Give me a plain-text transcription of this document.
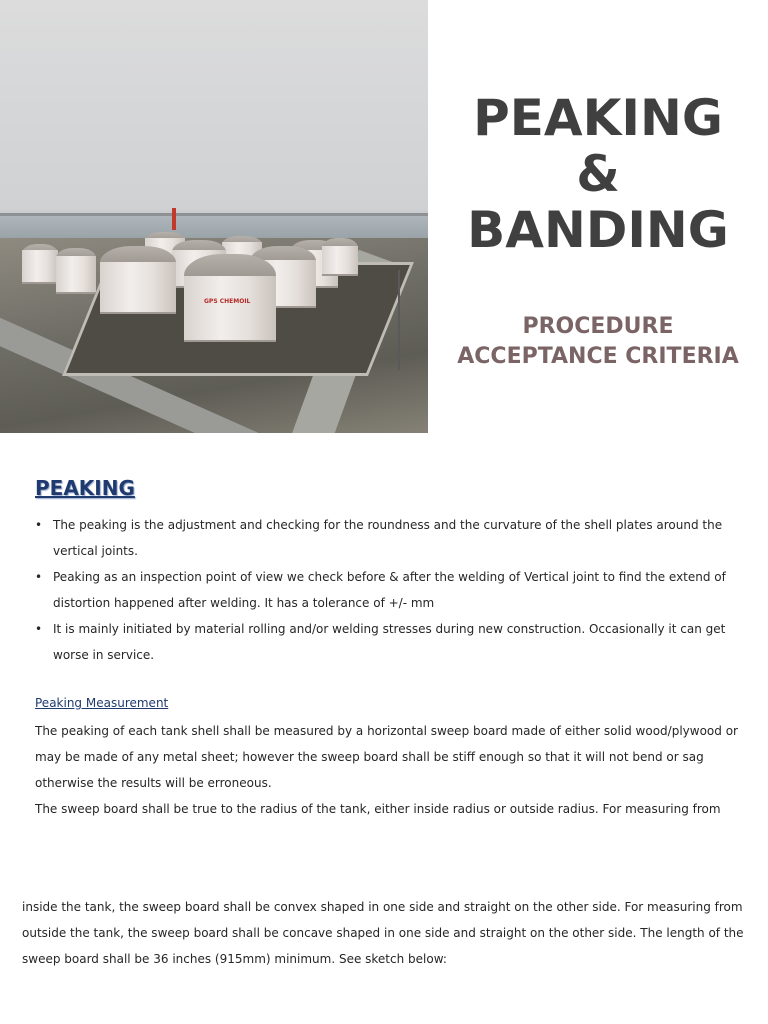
GPS CHEMOIL

PEAKING

&

BANDING

PROCEDURE

ACCEPTANCE CRITERIA

PEAKING
• The peaking is the adjustment and checking for the roundness and the curvature of the shell plates around the vertical joints.
• Peaking as an inspection point of view we check before & after the welding of Vertical joint to find the extend of distortion happened after welding. It has a tolerance of +/- mm
• It is mainly initiated by material rolling and/or welding stresses during new construction. Occasionally it can get worse in service.

Peaking Measurement

The peaking of each tank shell shall be measured by a horizontal sweep board made of either solid wood/plywood or may be made of any metal sheet; however the sweep board shall be stiff enough so that it will not bend or sag otherwise the results will be erroneous.

The sweep board shall be true to the radius of the tank, either inside radius or outside radius. For measuring from

inside the tank, the sweep board shall be convex shaped in one side and straight on the other side. For measuring from outside the tank, the sweep board shall be concave shaped in one side and straight on the other side. The length of the sweep board shall be 36 inches (915mm) minimum. See sketch below:
